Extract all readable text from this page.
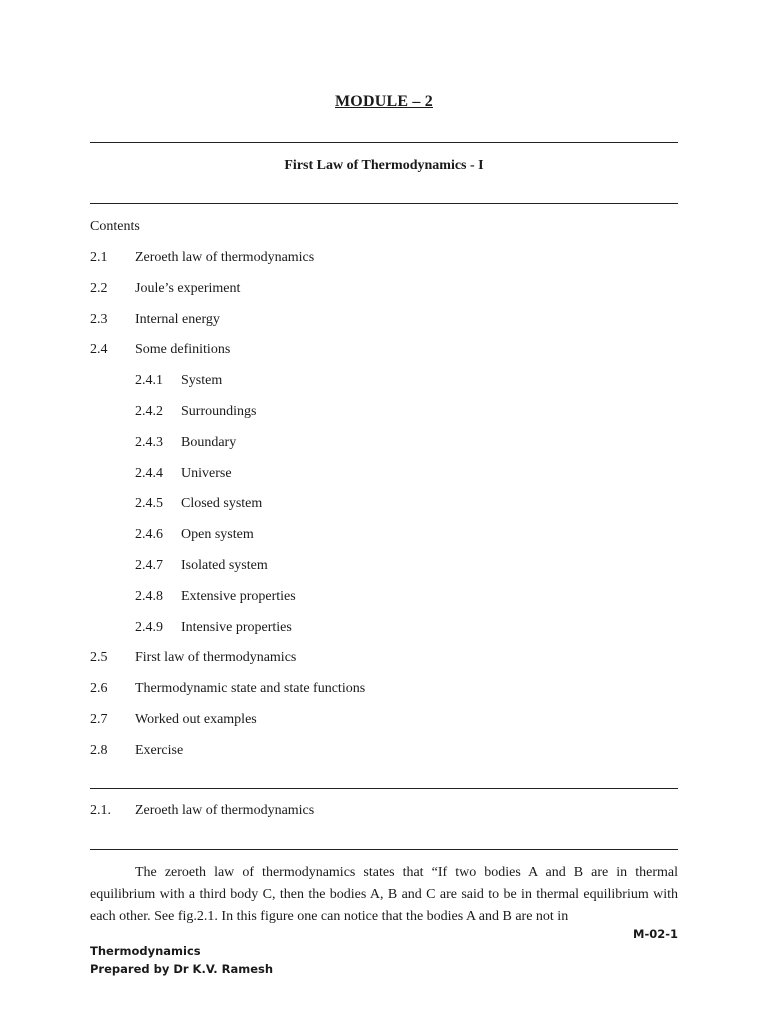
MODULE – 2
First Law of Thermodynamics - I
Contents
2.1 Zeroeth law of thermodynamics
2.2 Joule’s experiment
2.3 Internal energy
2.4 Some definitions
2.4.1 System
2.4.2 Surroundings
2.4.3 Boundary
2.4.4 Universe
2.4.5 Closed system
2.4.6 Open system
2.4.7 Isolated system
2.4.8 Extensive properties
2.4.9 Intensive properties
2.5 First law of thermodynamics
2.6 Thermodynamic state and state functions
2.7 Worked out examples
2.8 Exercise
2.1. Zeroeth law of thermodynamics

The zeroeth law of thermodynamics states that “If two bodies A and B are in thermal equilibrium with a third body C, then the bodies A, B and C are said to be in thermal equilibrium with each other. See fig.2.1. In this figure one can notice that the bodies A and B are not in

M-02-1
Thermodynamics
Prepared by Dr K.V. Ramesh
